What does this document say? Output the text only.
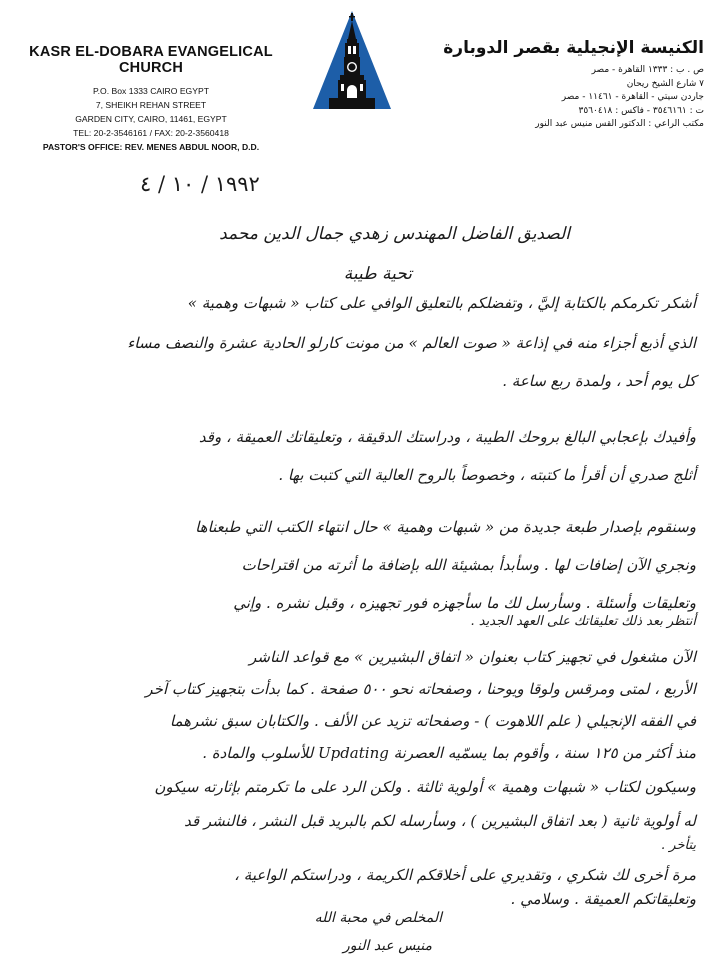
KASR EL-DOBARA EVANGELICAL CHURCH
P.O. Box 1333 CAIRO EGYPT
7, SHEIKH REHAN STREET
GARDEN CITY, CAIRO, 11461, EGYPT
TEL: 20-2-3546161 / FAX: 20-2-3560418
PASTOR'S OFFICE: REV. MENES ABDUL NOOR, D.D.
الكنيسة الإنجيلية بقصر الدوبارة
ص . ب : ١٣٣٣ القاهرة - مصر
٧ شارع الشيخ ريحان
جاردن سيتي - القاهرة - ١١٤٦١ - مصر
ت : ٣٥٤٦١٦١ - فاكس : ٣٥٦٠٤١٨
مكتب الراعي : الدكتور القس منيس عبد النور
١٩٩٢ / ١٠ / ٤
الصديق الفاضل المهندس زهدي جمال الدين محمد
تحية طيبة
أشكر تكرمكم بالكتابة إليَّ ، وتفضلكم بالتعليق الوافي على كتاب « شبهات وهمية »
الذي أذيع أجزاء منه في إذاعة « صوت العالم » من مونت كارلو الحادية عشرة والنصف مساء
كل يوم أحد ، ولمدة ربع ساعة .
وأفيدك بإعجابي البالغ بروحك الطيبة ، ودراستك الدقيقة ، وتعليقاتك العميقة ، وقد
أثلج صدري أن أقرأ ما كتبته ، وخصوصاً بالروح العالية التي كتبت بها .
وسنقوم بإصدار طبعة جديدة من « شبهات وهمية » حال انتهاء الكتب التي طبعناها
ونجري الآن إضافات لها . وسأبدأ بمشيئة الله بإضافة ما أثرته من اقتراحات
وتعليقات وأسئلة . وسأرسل لك ما سأجهزه فور تجهيزه ، وقبل نشره . وإني
أنتظر بعد ذلك تعليقاتك على العهد الجديد .
الآن مشغول في تجهيز كتاب بعنوان « اتفاق البشيرين » مع قواعد الناشر
الأربع ، لمتى ومرقس ولوقا ويوحنا ، وصفحاته نحو ٥٠٠ صفحة . كما بدأت بتجهيز كتاب آخر
في الفقه الإنجيلي ( علم اللاهوت ) - وصفحاته تزيد عن الألف . والكتابان سبق نشرهما
منذ أكثر من ١٢٥ سنة ، وأقوم بما يسمّيه العصرنة Updating للأسلوب والمادة .
وسيكون لكتاب « شبهات وهمية » أولوية ثالثة . ولكن الرد على ما تكرمتم بإثارته سيكون
له أولوية ثانية ( بعد اتفاق البشيرين ) ، وسأرسله لكم بالبريد قبل النشر ، فالنشر قد
يتأخر .
مرة أخرى لك شكري ، وتقديري على أخلاقكم الكريمة ، ودراستكم الواعية ،
وتعليقاتكم العميقة . وسلامي .
المخلص في محبة الله
منيس عبد النور
